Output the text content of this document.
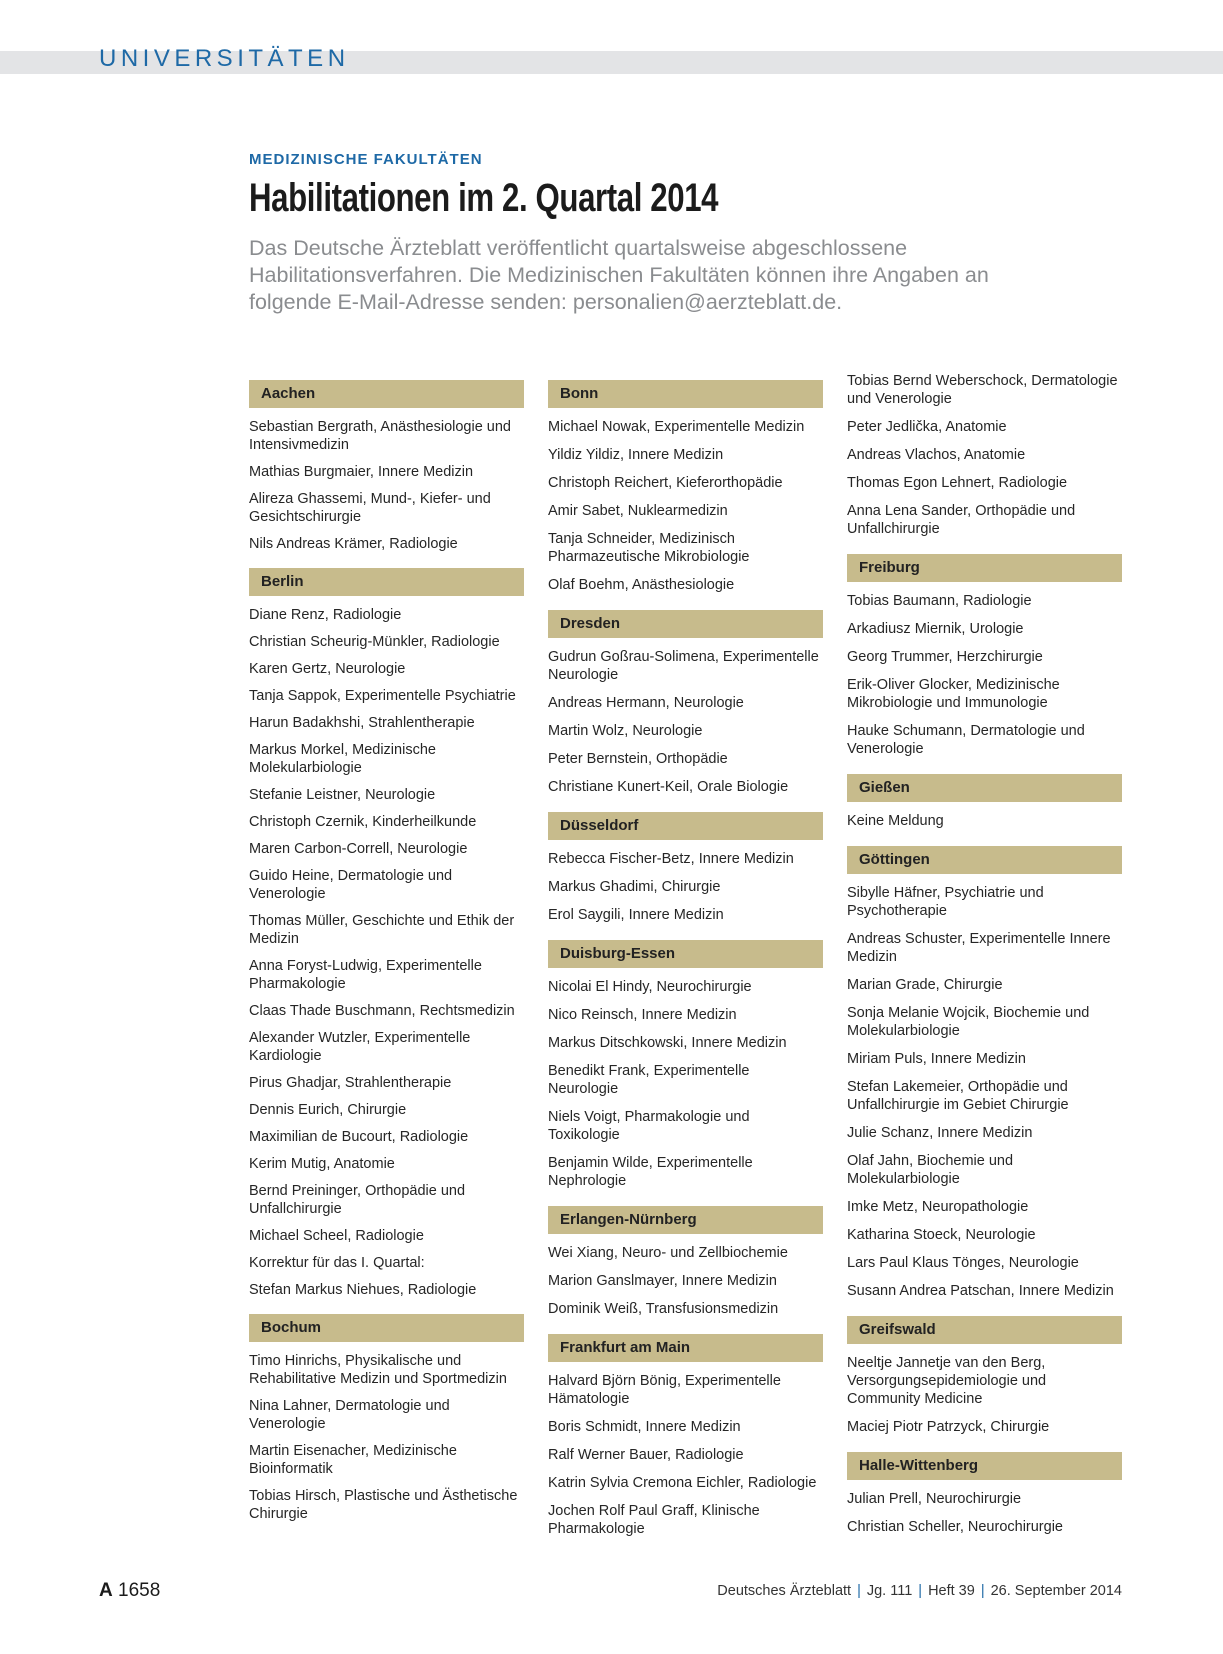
UNIVERSITÄTEN
MEDIZINISCHE FAKULTÄTEN
Habilitationen im 2. Quartal 2014
Das Deutsche Ärzteblatt veröffentlicht quartalsweise abgeschlossene Habilitationsverfahren. Die Medizinischen Fakultäten können ihre Angaben an folgende E-Mail-Adresse senden: personalien@aerzteblatt.de.
Aachen
Sebastian Bergrath, Anästhesiologie und Intensivmedizin
Mathias Burgmaier, Innere Medizin
Alireza Ghassemi, Mund-, Kiefer- und Gesichtschirurgie
Nils Andreas Krämer, Radiologie
Berlin
Diane Renz, Radiologie
Christian Scheurig-Münkler, Radiologie
Karen Gertz, Neurologie
Tanja Sappok, Experimentelle Psychiatrie
Harun Badakhshi, Strahlentherapie
Markus Morkel, Medizinische Molekularbiologie
Stefanie Leistner, Neurologie
Christoph Czernik, Kinderheilkunde
Maren Carbon-Correll, Neurologie
Guido Heine, Dermatologie und Venerologie
Thomas Müller, Geschichte und Ethik der Medizin
Anna Foryst-Ludwig, Experimentelle Pharmakologie
Claas Thade Buschmann, Rechtsmedizin
Alexander Wutzler, Experimentelle Kardiologie
Pirus Ghadjar, Strahlentherapie
Dennis Eurich, Chirurgie
Maximilian de Bucourt, Radiologie
Kerim Mutig, Anatomie
Bernd Preininger, Orthopädie und Unfallchirurgie
Michael Scheel, Radiologie
Korrektur für das I. Quartal:
Stefan Markus Niehues, Radiologie
Bochum
Timo Hinrichs, Physikalische und Rehabilitative Medizin und Sportmedizin
Nina Lahner, Dermatologie und Venerologie
Martin Eisenacher, Medizinische Bioinformatik
Tobias Hirsch, Plastische und Ästhetische Chirurgie
Bonn
Michael Nowak, Experimentelle Medizin
Yildiz Yildiz, Innere Medizin
Christoph Reichert, Kieferorthopädie
Amir Sabet, Nuklearmedizin
Tanja Schneider, Medizinisch Pharmazeutische Mikrobiologie
Olaf Boehm, Anästhesiologie
Dresden
Gudrun Goßrau-Solimena, Experimentelle Neurologie
Andreas Hermann, Neurologie
Martin Wolz, Neurologie
Peter Bernstein, Orthopädie
Christiane Kunert-Keil, Orale Biologie
Düsseldorf
Rebecca Fischer-Betz, Innere Medizin
Markus Ghadimi, Chirurgie
Erol Saygili, Innere Medizin
Duisburg-Essen
Nicolai El Hindy, Neurochirurgie
Nico Reinsch, Innere Medizin
Markus Ditschkowski, Innere Medizin
Benedikt Frank, Experimentelle Neurologie
Niels Voigt, Pharmakologie und Toxikologie
Benjamin Wilde, Experimentelle Nephrologie
Erlangen-Nürnberg
Wei Xiang, Neuro- und Zellbiochemie
Marion Ganslmayer, Innere Medizin
Dominik Weiß, Transfusionsmedizin
Frankfurt am Main
Halvard Björn Bönig, Experimentelle Hämatologie
Boris Schmidt, Innere Medizin
Ralf Werner Bauer, Radiologie
Katrin Sylvia Cremona Eichler, Radiologie
Jochen Rolf Paul Graff, Klinische Pharmakologie
Tobias Bernd Weberschock, Dermatologie und Venerologie
Peter Jedlička, Anatomie
Andreas Vlachos, Anatomie
Thomas Egon Lehnert, Radiologie
Anna Lena Sander, Orthopädie und Unfallchirurgie
Freiburg
Tobias Baumann, Radiologie
Arkadiusz Miernik, Urologie
Georg Trummer, Herzchirurgie
Erik-Oliver Glocker, Medizinische Mikrobiologie und Immunologie
Hauke Schumann, Dermatologie und Venerologie
Gießen
Keine Meldung
Göttingen
Sibylle Häfner, Psychiatrie und Psychotherapie
Andreas Schuster, Experimentelle Innere Medizin
Marian Grade, Chirurgie
Sonja Melanie Wojcik, Biochemie und Molekularbiologie
Miriam Puls, Innere Medizin
Stefan Lakemeier, Orthopädie und Unfallchirurgie im Gebiet Chirurgie
Julie Schanz, Innere Medizin
Olaf Jahn, Biochemie und Molekularbiologie
Imke Metz, Neuropathologie
Katharina Stoeck, Neurologie
Lars Paul Klaus Tönges, Neurologie
Susann Andrea Patschan, Innere Medizin
Greifswald
Neeltje Jannetje van den Berg, Versorgungsepidemiologie und Community Medicine
Maciej Piotr Patrzyck, Chirurgie
Halle-Wittenberg
Julian Prell, Neurochirurgie
Christian Scheller, Neurochirurgie
A 1658	Deutsches Ärzteblatt | Jg. 111 | Heft 39 | 26. September 2014
